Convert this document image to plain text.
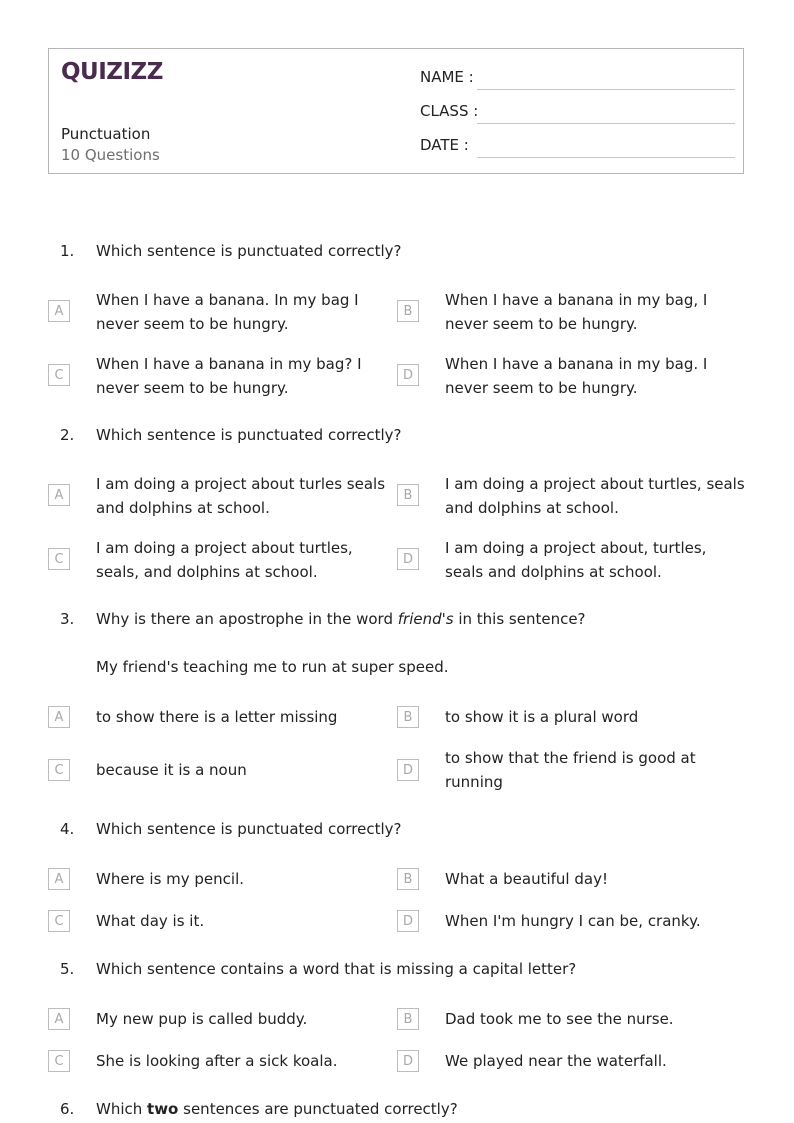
QUIZIZZ
Punctuation
10 Questions
NAME :
CLASS :
DATE :
1. Which sentence is punctuated correctly?
A
When I have a banana. In my bag I never seem to be hungry.
C
When I have a banana in my bag? I never seem to be hungry.
B
When I have a banana in my bag, I never seem to be hungry.
D
When I have a banana in my bag. I never seem to be hungry.
2. Which sentence is punctuated correctly?
A
I am doing a project about turles seals and dolphins at school.
C
I am doing a project about turtles, seals, and dolphins at school.
B
I am doing a project about turtles, seals and dolphins at school.
D
I am doing a project about, turtles, seals and dolphins at school.
3. Why is there an apostrophe in the word friend's in this sentence?
My friend's teaching me to run at super speed.
A	to show there is a letter missing
C	because it is a noun
B	to show it is a plural word
D
to show that the friend is good at running
4. Which sentence is punctuated correctly?
A	Where is my pencil.
C	What day is it.
B	What a beautiful day!
D	When I'm hungry I can be, cranky.
5. Which sentence contains a word that is missing a capital letter?
A	My new pup is called buddy.
C	She is looking after a sick koala.
B	Dad took me to see the nurse.
D	We played near the waterfall.
6. Which two sentences are punctuated correctly?
